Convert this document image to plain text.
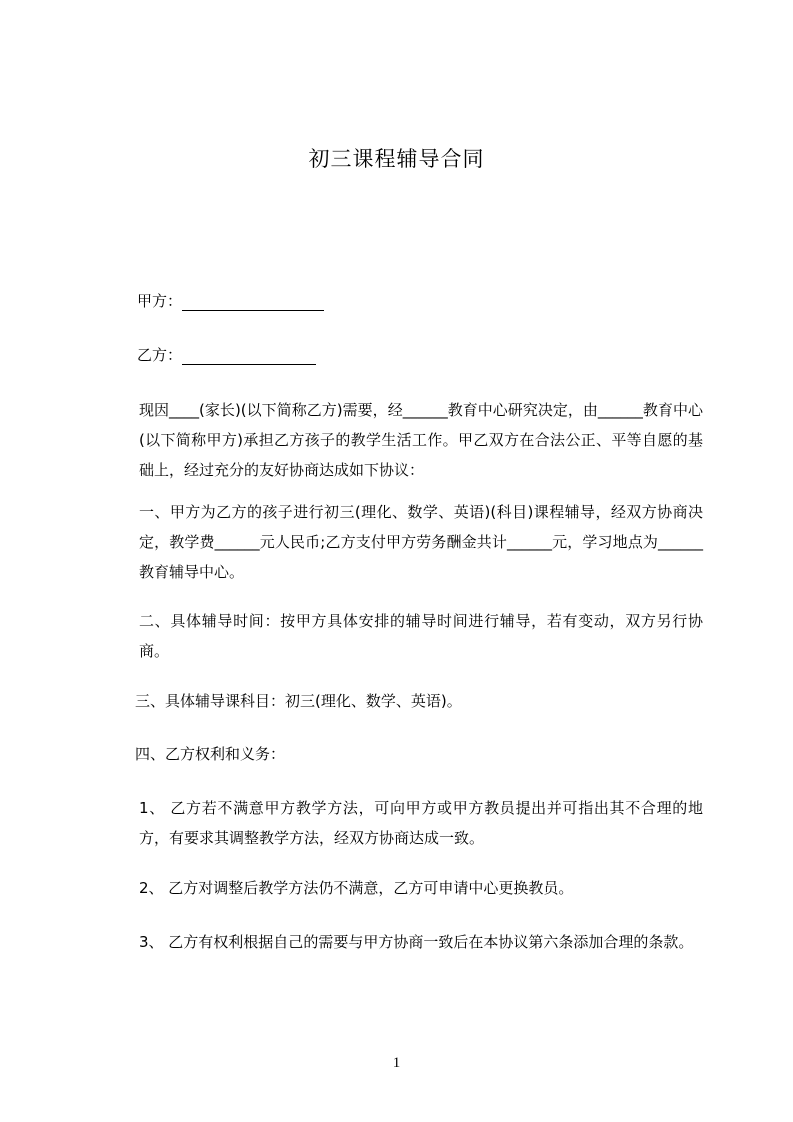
初三课程辅导合同
甲方：
乙方：

现因____(家长)(以下简称乙方)需要，经______教育中心研究决定，由______教育中心(以下简称甲方)承担乙方孩子的教学生活工作。甲乙双方在合法公正、平等自愿的基础上，经过充分的友好协商达成如下协议：

一、甲方为乙方的孩子进行初三(理化、数学、英语)(科目)课程辅导，经双方协商决定，教学费______元人民币;乙方支付甲方劳务酬金共计______元，学习地点为______教育辅导中心。

二、具体辅导时间：按甲方具体安排的辅导时间进行辅导，若有变动，双方另行协商。

三、具体辅导课科目：初三(理化、数学、英语)。

四、乙方权利和义务：

1、 乙方若不满意甲方教学方法，可向甲方或甲方教员提出并可指出其不合理的地方，有要求其调整教学方法，经双方协商达成一致。

2、 乙方对调整后教学方法仍不满意，乙方可申请中心更换教员。

3、 乙方有权利根据自己的需要与甲方协商一致后在本协议第六条添加合理的条款。

1
